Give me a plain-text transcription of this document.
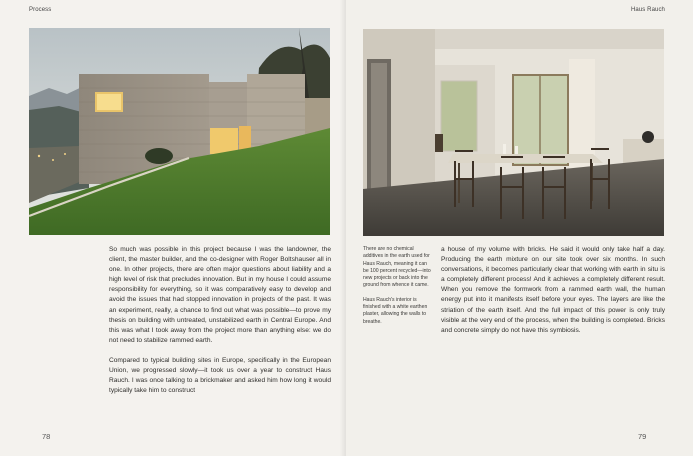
Process

So much was possible in this project because I was the landowner, the client, the master builder, and the co-designer with Roger Boltshauser all in one. In other projects, there are often major questions about liability and a high level of risk that precludes innovation. But in my house I could assume responsibility for everything, so it was comparatively easy to develop and avoid the issues that had stopped innovation in projects of the past. It was an experiment, really, a chance to find out what was possible—to prove my thesis on building with untreated, unstabilized earth in Central Europe. And this was what I took away from the project more than anything else: we do not need to stabilize rammed earth.

Compared to typical building sites in Europe, specifically in the European Union, we progressed slowly—it took us over a year to construct Haus Rauch. I was once talking to a brickmaker and asked him how long it would typically take him to construct

78
Haus Rauch

There are no chemical additives in the earth used for Haus Rauch, meaning it can be 100 percent recycled—into new projects or back into the ground from whence it came.

Haus Rauch's interior is finished with a white earthen plaster, allowing the walls to breathe.

a house of my volume with bricks. He said it would only take half a day. Producing the earth mixture on our site took over six months. In such conversations, it becomes particularly clear that working with earth in situ is a completely different process! And it achieves a completely different result. When you remove the formwork from a rammed earth wall, the human energy put into it manifests itself before your eyes. The layers are like the striation of the earth itself. And the full impact of this power is only truly visible at the very end of the process, when the building is completed. Bricks and concrete simply do not have this symbiosis.

79
